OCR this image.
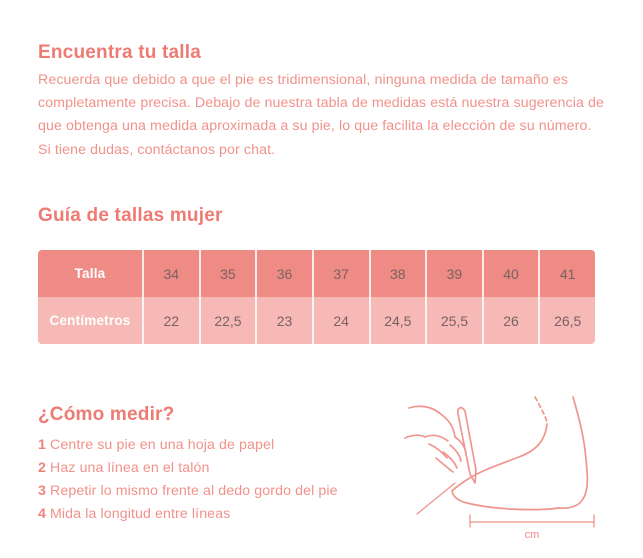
Encuentra tu talla
Recuerda que debido a que el pie es tridimensional, ninguna medida de tamaño es
completamente precisa. Debajo de nuestra tabla de medidas está nuestra sugerencia de
que obtenga una medida aproximada a su pie, lo que facilita la elección de su número.
Si tiene dudas, contáctanos por chat.
Guía de tallas mujer
Talla	34	35	36	37	38	39	40	41
Centímetros	22	22,5	23	24	24,5	25,5	26	26,5
¿Cómo medir?
1 Centre su pie en una hoja de papel
2 Haz una línea en el talón
3 Repetir lo mismo frente al dedo gordo del pie
4 Mida la longitud entre líneas
cm
